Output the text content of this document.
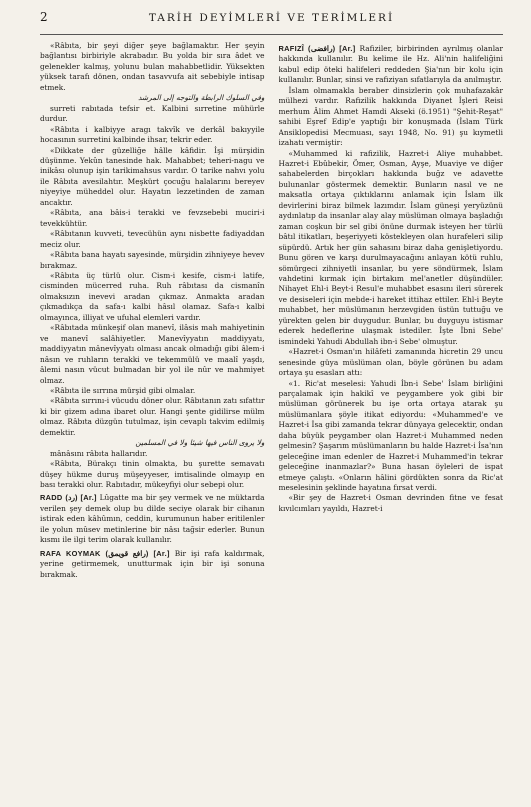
2	TARİH DEYİMLERİ VE TERİMLERİ

«Râbıta, bir şeyi diğer şeye bağlamaktır. Her şeyin bağlantısı birbiriyle akrabadır. Bu yolda bir sıra âdet ve gelenekler kalmış, yolunu bulan mahabbetlidir. Yüksekten yüksek tarafı dönen, ondan tasavvufa ait sebebiyle intisap etmek.

ﻭﻓﻲ ﺍﻟﺴﻠﻮﻙ ﺍﻟﺮﺍﺑﻄﺔ ﻭﺍﻟﺘﻮﺟﻪ ﺇﻟﻰ ﺍﻟﻤﺮﺷﺪ

surreti rabıtada tefsir et. Kalbini sırretine mühürle durdur.

«Râbıta i kalbiyye aragı takvîk ve derkâl bakıyyile hocasının surretini kalbinde ihsar, tekrir eder.

«Dikkate der güzelliğe hâlle kâfidir. İşi mürşidin düşünme. Yekûn tanesinde hak. Mahabbet; teheri-nagu ve inikâsı olunup işin tarikimahsus vardır. O tarike nahvı yolu ile Râbıta avesilahtır. Meşkürt çocuğu halalarını bereyev niyeyiye müheddel olur. Hayatın lezzetinden de zaman ancaktır.

«Râbıta, ana bâis-i terakki ve fevzsebebi muciri-i tevekkühtür.

«Râbıtanın kuvveti, tevecühün aynı nisbette fadiyaddan meciz olur.

«Râbıta bana hayatı sayesinde, mürşidin zihniyeye hevev bırakmaz.

«Râbıta üç türlü olur. Cism-i kesife, cism-i latife, cisminden mücerred ruha. Ruh râbıtası da cismanîn olmaksızın inevevi aradan çıkmaz. Anmakta aradan çıkmadıkça da safa-ı kalbi hâsıl olamaz. Safa-ı kalbi olmayınca, illiyat ve ufuhal elemleri vardır.

«Râbıtada münkeşif olan manevî, ilâsis mah mahiyetinin ve manevî salâhiyetler. Manevîyyatın maddiyyatı, maddiyyatın mânevîyyatı olması ancak olmadığı gibi âlem-i nâsın ve ruhların terakki ve tekemmülü ve maalî yaşdı, âlemi nasın vücut bulmadan bir yol ile nûr ve mahmiyet olmaz.

«Râbıta ile sırrına mürşid gibi olmalar.

«Râbıta sırrını-i vücudu döner olur. Râbıtanın zatı sıfattır ki bir gizem adına ibaret olur. Hangi şente gidilirse mülm olmaz. Râbıta düzgün tutulmaz, işin cevaplı takvim edilmiş demektir.

ﻭﻻ ﻳﺮﻭﻯ ﺍﻟﻨﺎﺱ ﻓﻴﻬﺎ ﺷﻴﺌﺎ ﻭﻻ ﻓﻲ ﺍﻟﻤﺴﻠﻤﻴﻦ

mânâsını râbıta hallarıdır.

«Râbıta, Bürakçı tinin olmakta, bu şurette semavatı düşey hükme duruş müşeyyeser, imtisalinde olmayıp en bası terakki olur. Rabıtadır, mükeyfiyi olur sebepi olur.

RADD (رد) [Ar.] Lûgatte ma bir şey vermek ve ne müktarda verilen şey demek olup bu dilde seciye olarak bir cihanın istirak eden kâhûmın, ceddin, kurumunun haber eritilenler ile yolun mûsev metinlerine bir nâsı tağsir ederler. Bunun kısmı ile ilgi terim olarak kullanılır.

RAFA KOYMAK (رافع قويمق) [Ar.] Bir işi rafa kaldırmak, yerine getirmemek, unutturmak için bir işi sonuna bırakmak.

RAFIZÎ (رافضى) [Ar.] Rafiziler, birbirinden ayrılmış olanlar hakkında kullanılır. Bu kelime ile Hz. Ali'nin halifeliğini kabul edip öteki halifeleri reddeden Şia'nın bir kolu için kullanılır. Bunlar, sinsi ve rafiziyan sıfatlarıyla da anılmıştır.

İslam olmamakla beraber dinsizlerin çok muhafazakâr mülhezi vardır. Rafizilik hakkında Diyanet İşleri Reisi merhum Âlim Ahmet Hamdi Akseki (ö.1951) "Şehit-Reşat" sahibi Eşref Edip'e yaptığı bir konuşmada (İslam Türk Ansiklopedisi Mecmuası, sayı 1948, No. 91) şu kıymetli izahatı vermiştir:

«Muhammed ki rafizilik, Hazret-i Aliye muhabbet. Hazret-i Ebûbekir, Ömer, Osman, Ayşe, Muaviye ve diğer sahabelerden birçokları hakkında buğz ve adavette bulunanlar göstermek demektir. Bunların nasıl ve ne maksatla ortaya çıktıklarını anlamak için İslam ilk devirlerini biraz bilmek lazımdır. İslam güneşi yeryüzünü aydınlatıp da insanlar alay alay müslüman olmaya başladığı zaman coşkun bir sel gibi önüne durmak isteyen her türlü bâtıl itikatları, beşeriyyeti köstekleyen olan hurafeleri silip süpürdü. Artık her gün sahasını biraz daha genişletiyordu. Bunu gören ve karşı durulmayacağını anlayan kötü ruhlu, sömürgeci zihniyetli insanlar, bu yere söndürmek, İslam vahdetini kırmak için birtakım mel'anetler düşündüler. Nihayet Ehl-i Beyt-i Resul'e muhabbet esasını ileri sürerek ve desiseleri için mebde-i hareket ittihaz ettiler. Ehl-i Beyte muhabbet, her müslümanın herzevgiden üstün tuttuğu ve yürekten gelen bir duygudur. Bunlar, bu duyguyu istismar ederek hedeflerine ulaşmak istediler. İşte İbni Sebe' ismindeki Yahudi Abdullah ibn-i Sebe' olmuştur.

«Hazret-i Osman'ın hilâfeti zamanında hicretin 29 uncu senesinde güya müslüman olan, böyle görünen bu adam ortaya şu esasları attı:

«1. Ric'at meselesi: Yahudi İbn-i Sebe' İslam birliğini parçalamak için hakikî ve peygambere yok gibi bir müslüman görünerek bu işe orta ortaya atarak şu müslümanlara şöyle itikat ediyordu: «Muhammed'e ve Hazret-i İsa gibi zamanda tekrar dünyaya gelecektir, ondan daha büyük peygamber olan Hazret-i Muhammed neden gelmesin? Şaşarım müslümanların bu halde Hazret-i İsa'nın geleceğine iman edenler de Hazret-i Muhammed'in tekrar geleceğine inanmazlar?» Buna hasan öyleleri de ispat etmeye çalıştı. «Onların hâlini gördükten sonra da Ric'at meselesinin şeklinde hayatına fırsat verdi.

«Bir şey de Hazret-i Osman devrinden fitne ve fesat kıvılcımları yayıldı, Hazret-i
